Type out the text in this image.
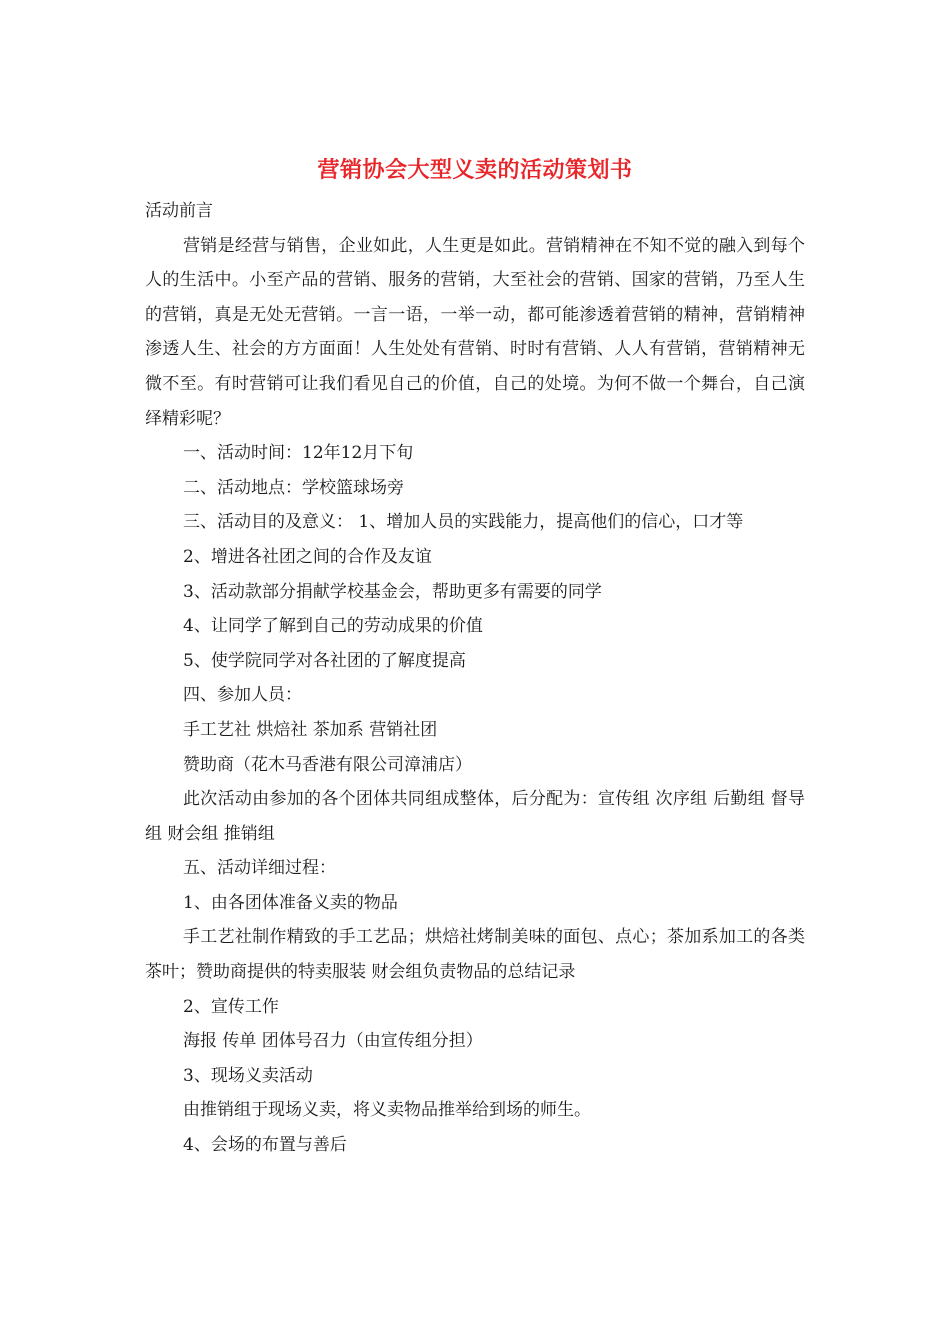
营销协会大型义卖的活动策划书

活动前言

营销是经营与销售，企业如此，人生更是如此。营销精神在不知不觉的融入到每个人的生活中。小至产品的营销、服务的营销，大至社会的营销、国家的营销，乃至人生的营销，真是无处无营销。一言一语，一举一动，都可能渗透着营销的精神，营销精神渗透人生、社会的方方面面！人生处处有营销、时时有营销、人人有营销，营销精神无微不至。有时营销可让我们看见自己的价值，自己的处境。为何不做一个舞台，自己演绎精彩呢？

一、活动时间：12年12月下旬

二、活动地点：学校篮球场旁

三、活动目的及意义： 1、增加人员的实践能力，提高他们的信心，口才等

2、增进各社团之间的合作及友谊

3、活动款部分捐献学校基金会，帮助更多有需要的同学

4、让同学了解到自己的劳动成果的价值

5、使学院同学对各社团的了解度提高

四、参加人员：

手工艺社 烘焙社 茶加系 营销社团

赞助商（花木马香港有限公司漳浦店）

此次活动由参加的各个团体共同组成整体，后分配为：宣传组 次序组 后勤组 督导组 财会组 推销组

五、活动详细过程：

1、由各团体准备义卖的物品

手工艺社制作精致的手工艺品；烘焙社烤制美味的面包、点心；茶加系加工的各类茶叶；赞助商提供的特卖服装 财会组负责物品的总结记录

2、宣传工作

海报 传单 团体号召力（由宣传组分担）

3、现场义卖活动

由推销组于现场义卖，将义卖物品推举给到场的师生。

4、会场的布置与善后
